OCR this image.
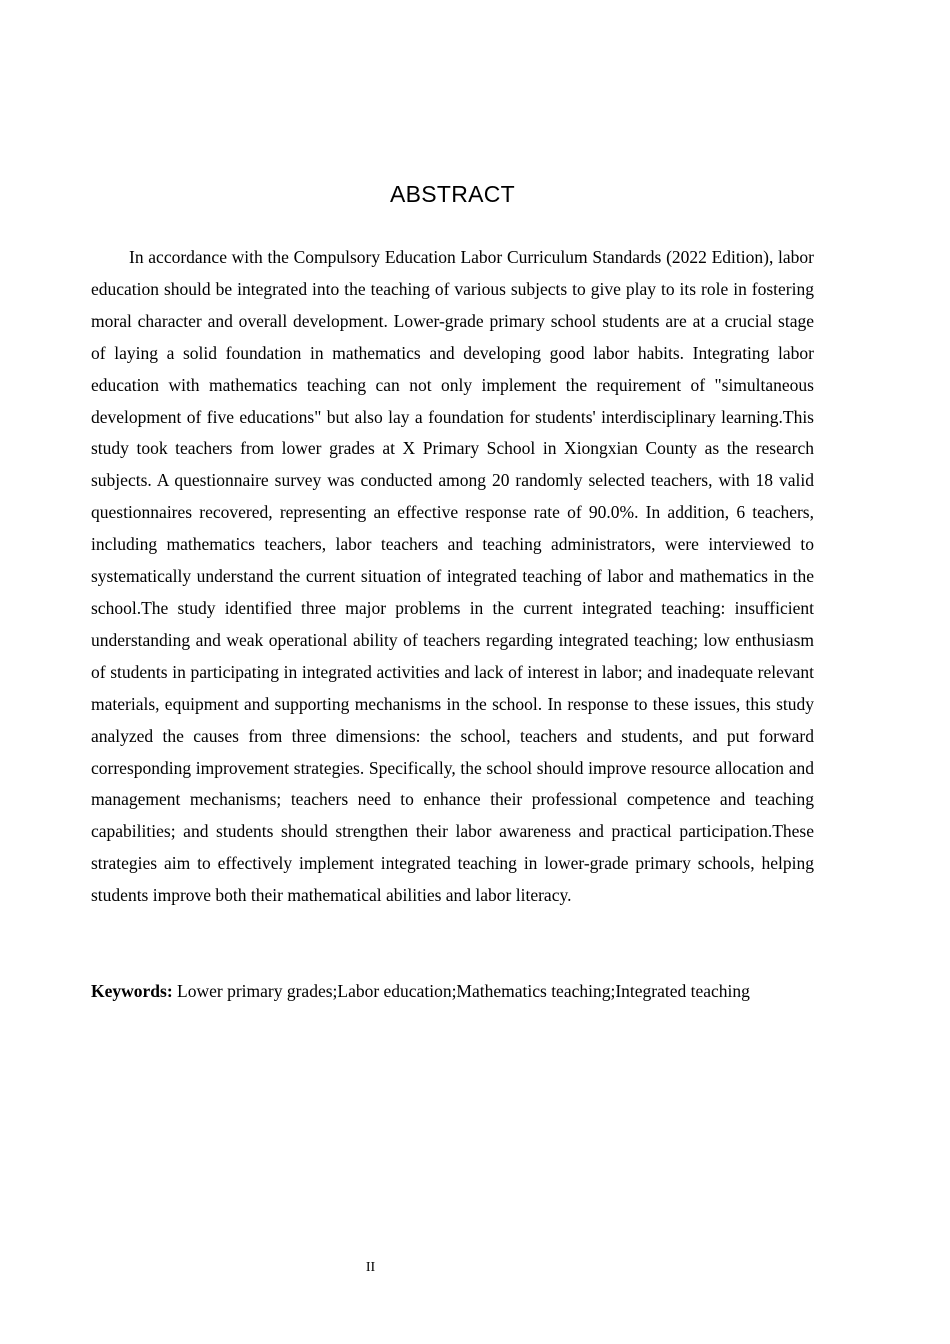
ABSTRACT

In accordance with the Compulsory Education Labor Curriculum Standards (2022 Edition), labor education should be integrated into the teaching of various subjects to give play to its role in fostering moral character and overall development. Lower-grade primary school students are at a crucial stage of laying a solid foundation in mathematics and developing good labor habits. Integrating labor education with mathematics teaching can not only implement the requirement of "simultaneous development of five educations" but also lay a foundation for students' interdisciplinary learning.This study took teachers from lower grades at X Primary School in Xiongxian County as the research subjects. A questionnaire survey was conducted among 20 randomly selected teachers, with 18 valid questionnaires recovered, representing an effective response rate of 90.0%. In addition, 6 teachers, including mathematics teachers, labor teachers and teaching administrators, were interviewed to systematically understand the current situation of integrated teaching of labor and mathematics in the school.The study identified three major problems in the current integrated teaching: insufficient understanding and weak operational ability of teachers regarding integrated teaching; low enthusiasm of students in participating in integrated activities and lack of interest in labor; and inadequate relevant materials, equipment and supporting mechanisms in the school. In response to these issues, this study analyzed the causes from three dimensions: the school, teachers and students, and put forward corresponding improvement strategies. Specifically, the school should improve resource allocation and management mechanisms; teachers need to enhance their professional competence and teaching capabilities; and students should strengthen their labor awareness and practical participation.These strategies aim to effectively implement integrated teaching in lower-grade primary schools, helping students improve both their mathematical abilities and labor literacy.

Keywords: Lower primary grades;Labor education;Mathematics teaching;Integrated teaching

II
